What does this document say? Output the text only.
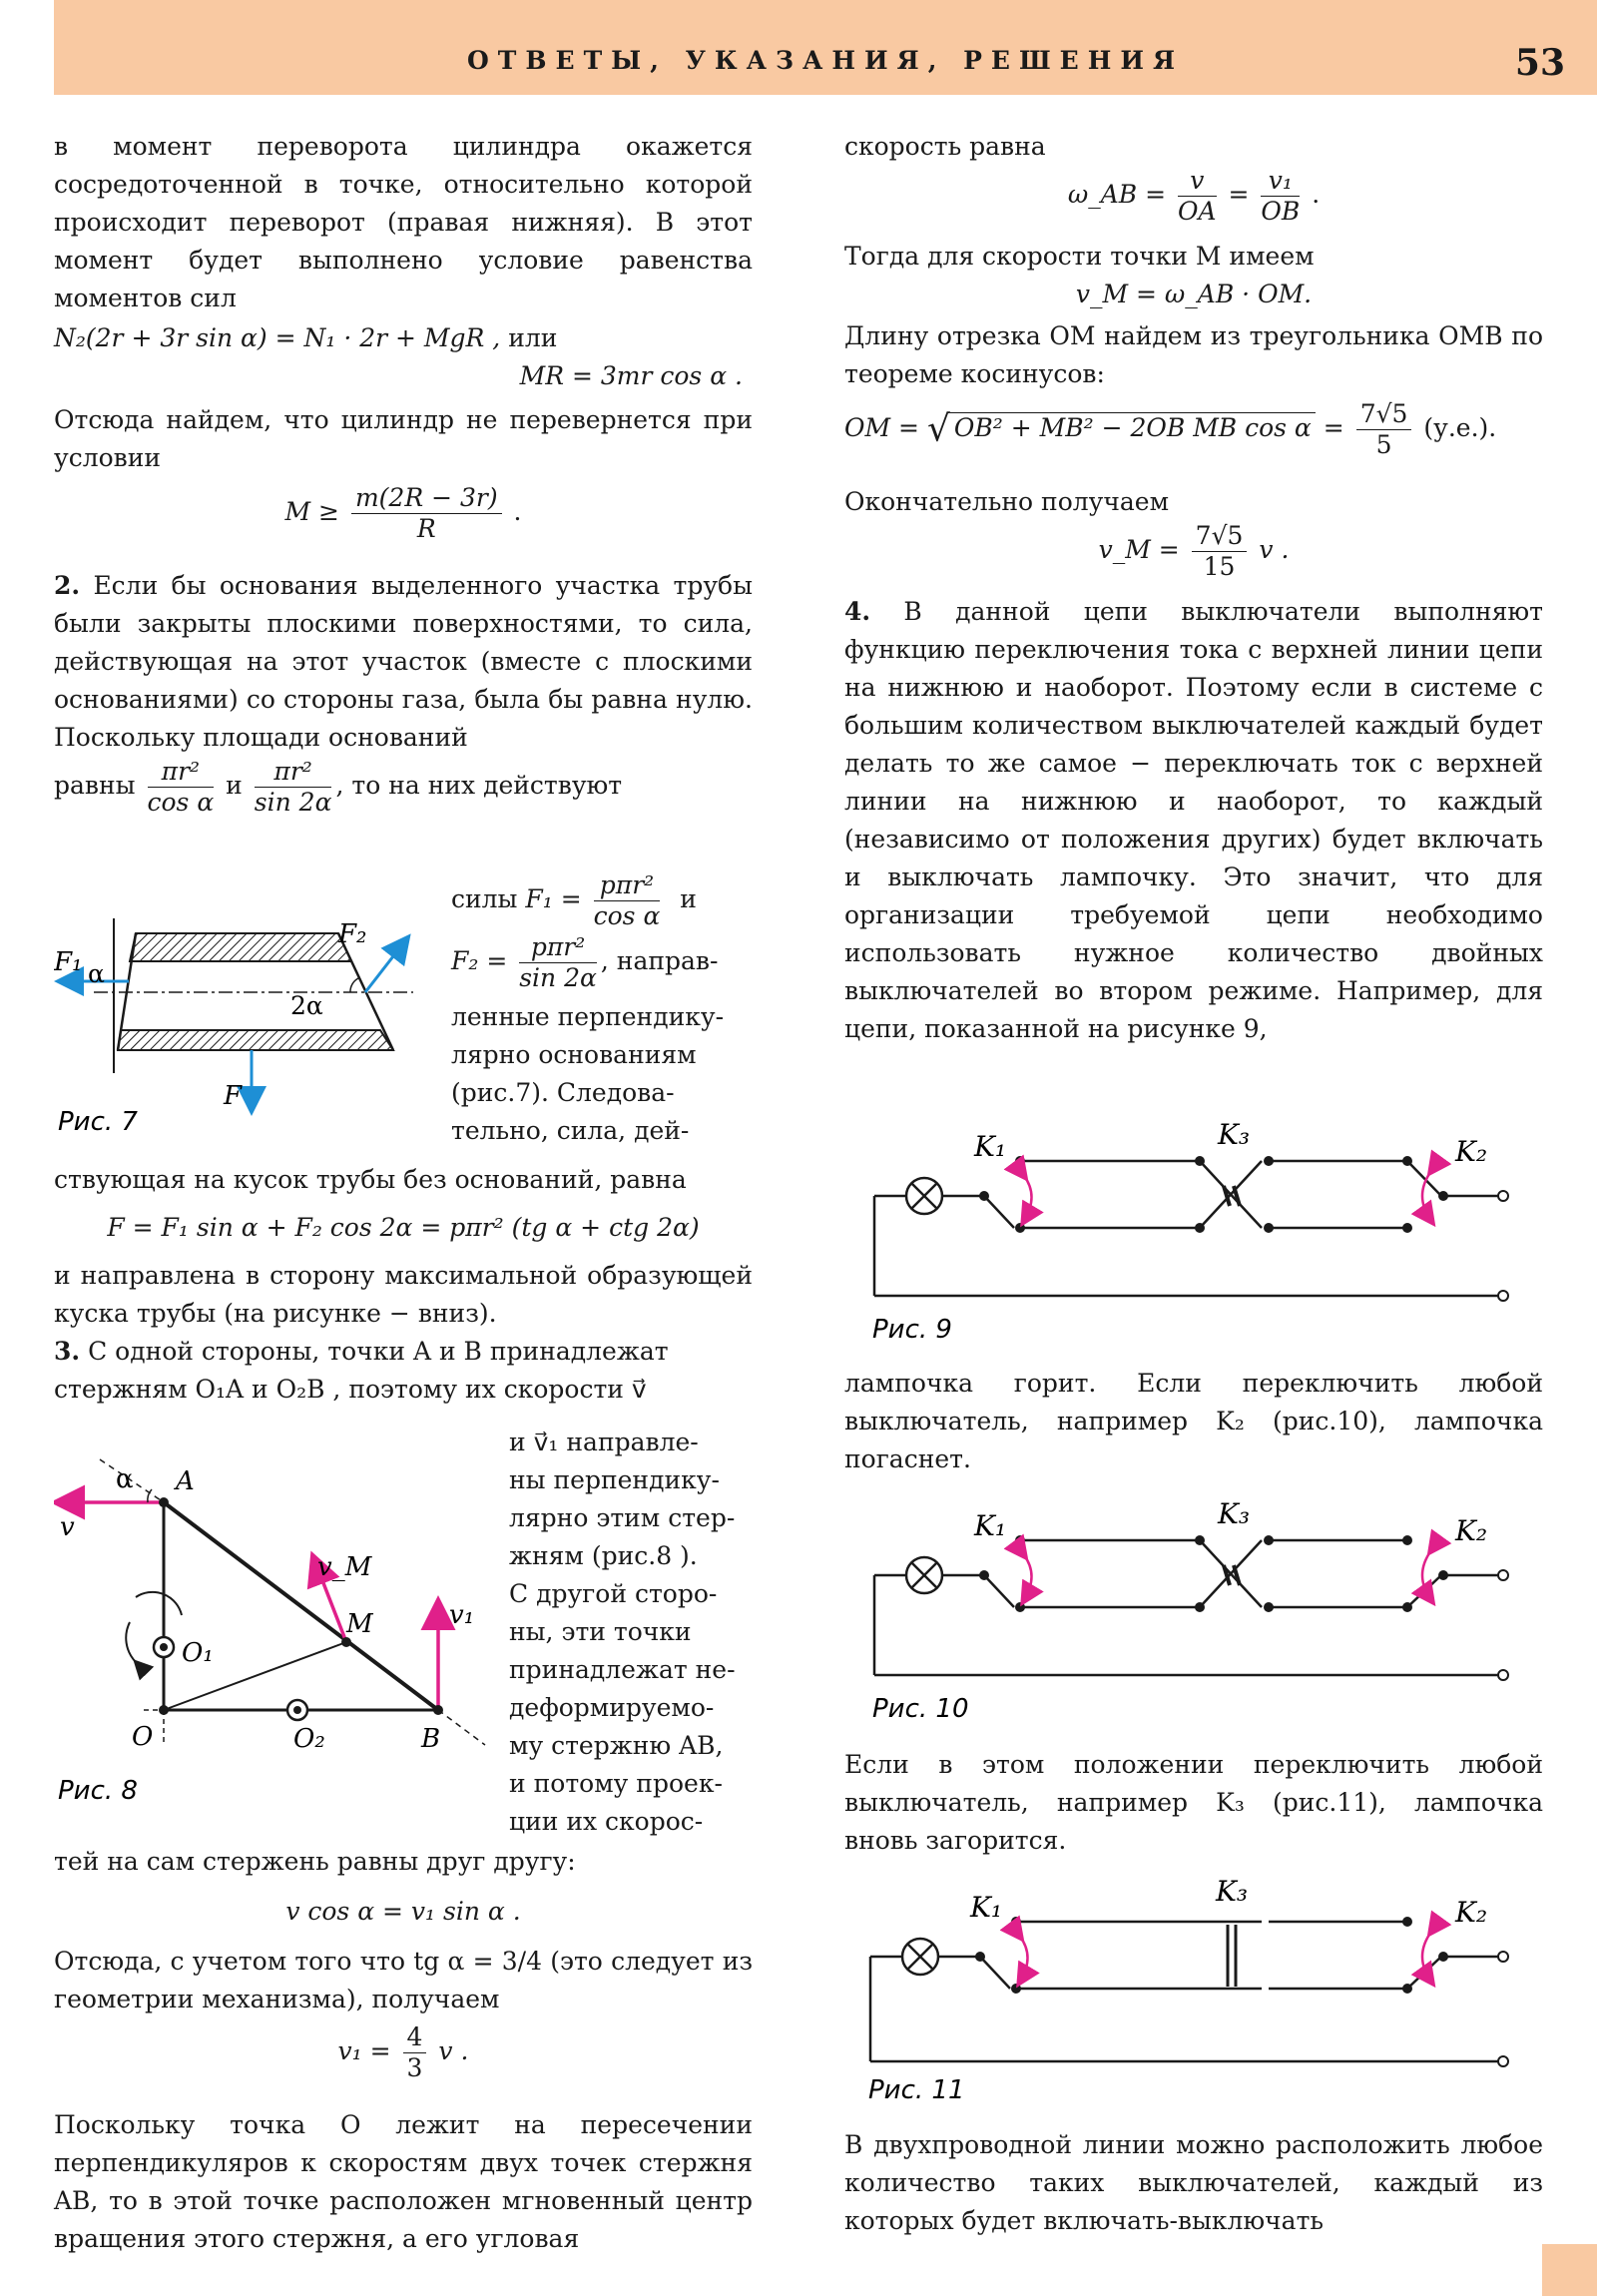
ОТВЕТЫ, УКАЗАНИЯ, РЕШЕНИЯ	53

в момент переворота цилиндра окажется сосредоточенной в точке, относительно которой происходит переворот (правая нижняя). В этот момент будет выполнено условие равенства моментов сил

N₂(2r + 3r sin α) = N₁ · 2r + MgR , или

MR = 3mr cos α .

Отсюда найдем, что цилиндр не перевернется при условии

$M \ge \frac{m(2R - 3r)}{R}$ .

2. Если бы основания выделенного участка трубы были закрыты плоскими поверхностями, то сила, действующая на этот участок (вместе с плоскими основаниями) со стороны газа, была бы равна нулю. Поскольку площади оснований

равны $\frac{\text{πr²}}{\text{cos α}}$ и $\frac{\text{πr²}}{\sin 2\alpha}$ , то на них действуют
силы $F_1 = \frac{\text{pπr²}}{\text{cos α}}$ и
$F_2 = \frac{\text{pπr²}}{\sin 2\alpha}$ , направ-

ленные перпендику-

лярно основаниям

(рис.7). Следова-

тельно, сила, дей-

F₁ α
F₂
2α
F
Рис. 7

ствующая на кусок трубы без оснований, равна

F = F₁ sin α + F₂ cos 2α = pπr² (tg α + ctg 2α)

и направлена в сторону максимальной образующей куска трубы (на рисунке − вниз).

3. С одной стороны, точки A и B принадлежат

стержням O₁A и O₂B , поэтому их скорости v⃗

и v⃗₁ направле-

ны перпендику-

лярно этим стер-

жням (рис.8 ).

С другой сторо-

ны, эти точки

принадлежат не-

деформируемо-

му стержню AB,

и потому проек-

ции их скорос-

α A
v
v_M
M	v₁
O₁
O	O₂	B
Рис. 8

тей на сам стержень равны друг другу:

v cos α = v₁ sin α .

Отсюда, с учетом того что tg α = 3/4 (это следует из геометрии механизма), получаем

$v_1 = \frac{4}{3}$ v .

Поскольку точка O лежит на пересечении перпендикуляров к скоростям двух точек стержня AB, то в этой точке расположен мгновенный центр вращения этого стержня, а его угловая

скорость равна

ω_AB = $\frac{v}{OA} = \frac{\text{v₁}}{OB}$ .

Тогда для скорости точки M имеем

v_M = ω_AB · OM.

Длину отрезка OM найдем из треугольника OMB по теореме косинусов:

OM = √ OB² + MB² − 2OB MB $\cos \alpha = \frac{7√5}{5} (у.е.)$.

Окончательно получаем

v_M = $\frac{7√5}{15}$ v .

4. В данной цепи выключатели выполняют функцию переключения тока с верхней линии цепи на нижнюю и наоборот. Поэтому если в системе с большим количеством выключателей каждый будет делать то же самое − переключать ток с верхней линии на нижнюю и наоборот, то каждый (независимо от положения других) будет включать и выключать лампочку. Это значит, что для организации требуемой цепи необходимо использовать нужное количество двойных выключателей во втором режиме. Например, для цепи, показанной на рисунке 9,

K₁	K₃
K₂
Рис. 9

лампочка горит. Если переключить любой выключатель, например K₂ (рис.10), лампочка погаснет.

K₁	K₃
K₂
Рис. 10

Если в этом положении переключить любой выключатель, например K₃ (рис.11), лампочка вновь загорится.

K₁	K₃
K₂
Рис. 11

В двухпроводной линии можно расположить любое количество таких выключателей, каждый из которых будет включать-выключать
